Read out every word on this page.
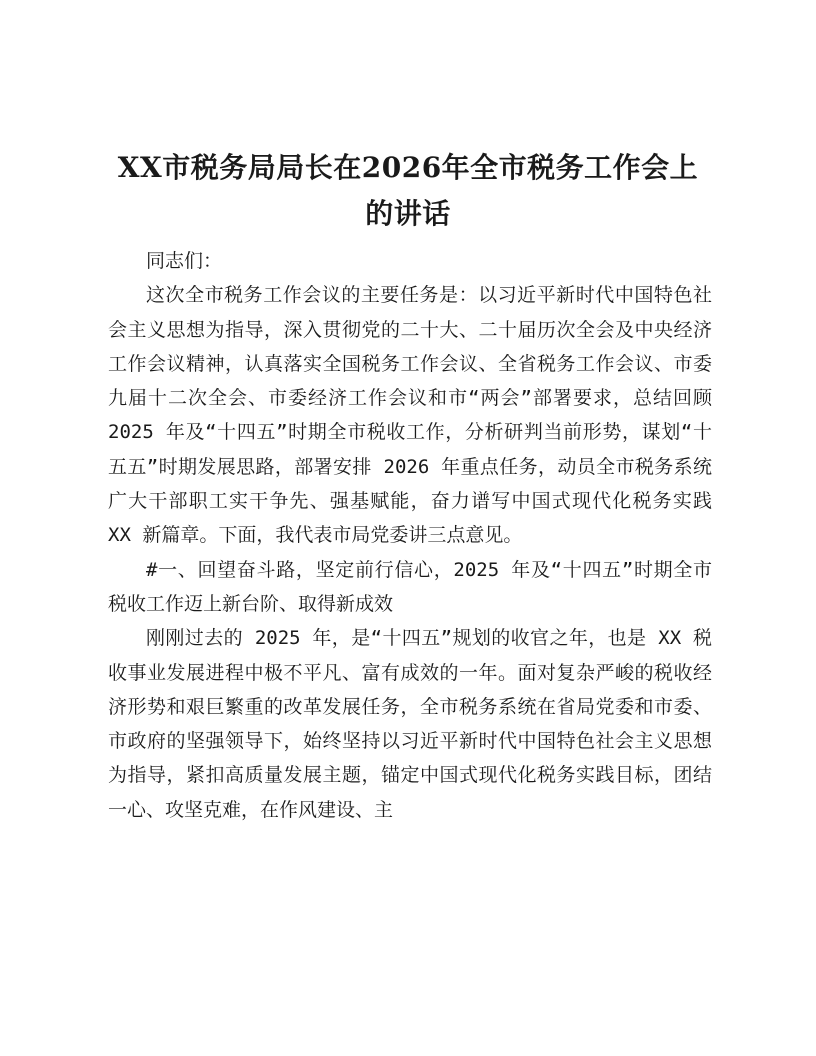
XX市税务局局长在2026年全市税务工作会上的讲话

同志们：

这次全市税务工作会议的主要任务是：以习近平新时代中国特色社会主义思想为指导，深入贯彻党的二十大、二十届历次全会及中央经济工作会议精神，认真落实全国税务工作会议、全省税务工作会议、市委九届十二次全会、市委经济工作会议和市“两会”部署要求，总结回顾 2025 年及“十四五”时期全市税收工作，分析研判当前形势，谋划“十五五”时期发展思路，部署安排 2026 年重点任务，动员全市税务系统广大干部职工实干争先、强基赋能，奋力谱写中国式现代化税务实践 XX 新篇章。下面，我代表市局党委讲三点意见。

#一、回望奋斗路，坚定前行信心，2025 年及“十四五”时期全市税收工作迈上新台阶、取得新成效

刚刚过去的 2025 年，是“十四五”规划的收官之年，也是 XX 税收事业发展进程中极不平凡、富有成效的一年。面对复杂严峻的税收经济形势和艰巨繁重的改革发展任务，全市税务系统在省局党委和市委、市政府的坚强领导下，始终坚持以习近平新时代中国特色社会主义思想为指导，紧扣高质量发展主题，锚定中国式现代化税务实践目标，团结一心、攻坚克难，在作风建设、主
